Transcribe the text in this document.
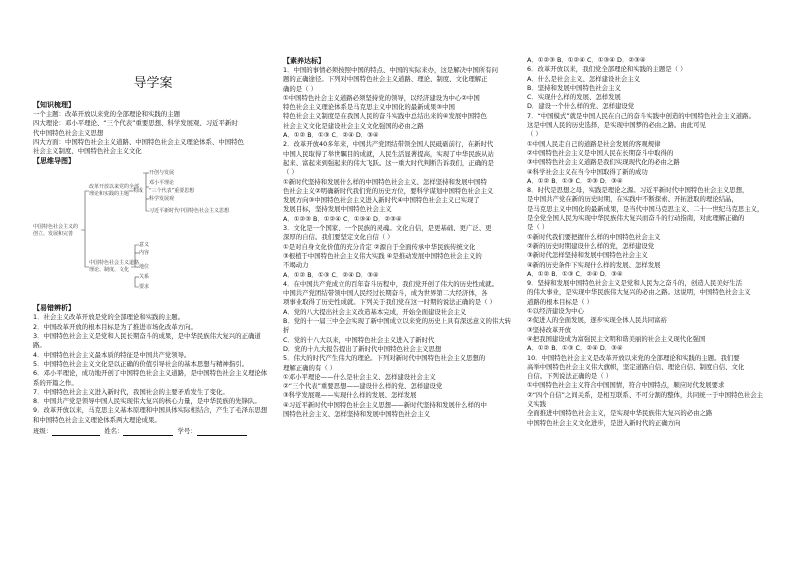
导学案

【知识梳理】

一个主题：改革开放以来党的全部理论和实践的主题

四大理论：邓小平理论、“三个代表”重要思想、科学发展观、习近平新时

代中国特色社会主义思想

四大方面：中国特色社会主义道路、中国特色社会主义理论体系、中国特色

社会主义制度、中国特色社会主义文化

【思维导图】

中国特色社会主义的
创立、发展和完善
改革开放以来党的全部
理论和实践的主题 构成
开创与发展
邓小平理论
“三个代表”重要思想
科学发展观
习近平新时代中国特色社会主义思想
中国特色社会主义道路
理论、制度、文化
意义
内容
地位
关系
要求

【易错辨析】

1．社会主义改革开放是党的全部理论和实践的主题。

2．中国改革开放的根本目标是为了推进市场化改革方向。

3．中国特色社会主义是党和人民长期奋斗的成果，是中华民族伟大复兴的正确道路。

4．中国特色社会主义最本质的特征是中国共产党领导。

5．中国特色社会主义文化是以正确的价值引导社会的基本思想与精神指引。

6．邓小平理论，成功地开创了中国特色社会主义道路，是中国特色社会主义理论体系的开篇之作。

7．中国特色社会主义进入新时代，我国社会的主要矛盾发生了变化。

8．中国共产党是领导中国人民实现伟大复兴的核心力量，是中华民族的先锋队。

9．改革开放以来，马克思主义基本原理和中国具体实际相结合，产生了毛泽东思想和中国特色社会主义理论体系两大理论成果。

班级：	姓名：	学号：

【素养达标】

1．中国的事情必须按照中国的特点、中国的实际来办，这是解决中国所有问

题的正确途径。下列对中国特色社会主义道路、理论、制度、文化理解正

确的是（ ）

①中国特色社会主义道路必须坚持党的领导，以经济建设为中心②中国

特色社会主义理论体系是马克思主义中国化的最新成果③中国

特色社会主义制度是在我国人民的奋斗实践中总结出来的④发展中国特色

社会主义文化是建设社会主义文化强国的必由之路

A．①② B．①③ C．②④ D．③④

2．改革开放40多年来，中国共产党团结带领全国人民砥砺前行，在新时代

中国人民取得了举世瞩目的成就，人民生活显著提高，实现了中华民族从站

起来、富起来到强起来的伟大飞跃。这一重大时代判断告诉我们，正确的是

（ ）

①新时代坚持和发展什么样的中国特色社会主义、怎样坚持和发展中国特

色社会主义②明确新时代我们党的历史方位，要科学谋划中国特色社会主义

发展方向③中国特色社会主义进入新时代④中国特色社会主义已实现了

发展目标，坚持发展中国特色社会主义

A．①②③ B．①②④ C．①③④ D．②③④

3．文化是一个国家、一个民族的灵魂。文化自信，是更基础、更广泛、更

深厚的自信。我们要坚定文化自信（ ）

①是对自身文化价值的充分肯定 ②源自于全面传承中华民族传统文化

③根植于中国特色社会主义伟大实践 ④是推动发展中国特色社会主义的

不竭动力

A．①② B．①③ C．②④ D．③④

4．在中国共产党成立的百年奋斗历程中，我们党开创了伟大的历史性成就。

中国共产党团结带领中国人民经过长期奋斗，成为世界第二大经济体，各

项事业取得了历史性成就。下列关于我们党在这一时期的说法正确的是（ ）

A．党的八大提出社会主义改造基本完成，开始全面建设社会主义

B．党的十一届三中全会实现了新中国成立以来党的历史上具有深远意义的伟大转折

C．党的十八大以来，中国特色社会主义进入了新时代

D．党的十九大报告提出了新时代中国特色社会主义思想

5．伟大的时代产生伟大的理论。下列对新时代中国特色社会主义思想的

理解正确的有（ ）

①邓小平理论——什么是社会主义、怎样建设社会主义

②“三个代表”重要思想——建设什么样的党、怎样建设党

③科学发展观——实现什么样的发展、怎样发展

④习近平新时代中国特色社会主义思想——新时代坚持和发展什么样的中

国特色社会主义、怎样坚持和发展中国特色社会主义

A．①②③ B．①②④ C．①③④ D．②③④

6．改革开放以来，我们党全部理论和实践的主题是（ ）

A．什么是社会主义、怎样建设社会主义

B．坚持和发展中国特色社会主义

C．实现什么样的发展、怎样发展

D．建设一个什么样的党、怎样建设党

7．“中国模式”就是中国人民在自己的奋斗实践中创造的中国特色社会主义道路。

这是中国人民的历史选择，是实现中国梦的必由之路。由此可见

（ ）

①中国人民走自己的道路是社会发展的客观规律

②中国特色社会主义是中国人民在长期奋斗中取得的

③中国特色社会主义道路是我们实现现代化的必由之路

④科学社会主义在当今中国取得了新的成功

A．①② B．①③ C．②③ D．③④

8．时代是思想之母，实践是理论之源。习近平新时代中国特色社会主义思想，

是中国共产党在新的历史时期，在实践中不断探索、开拓进取的理论结晶，

是马克思主义中国化的最新成果，是当代中国马克思主义、二十一世纪马克思主义，

是全党全国人民为实现中华民族伟大复兴而奋斗的行动指南，对此理解正确的

是（ ）

①新时代我们要把握什么样的中国特色社会主义

②新的历史时期建设什么样的党，怎样建设党

③新时代怎样坚持和发展中国特色社会主义

④新的历史条件下实现什么样的发展、怎样发展

A．①② B．①③ C．②④ D．③④

9．坚持和发展中国特色社会主义是党和人民为之奋斗的，创造人民美好生活

的伟大事业，是实现中华民族伟大复兴的必由之路。这说明，中国特色社会主义

道路的根本目标是（ ）

①以经济建设为中心

②促进人的全面发展，逐步实现全体人民共同富裕

③坚持改革开放

④把我国建设成为富强民主文明和谐美丽的社会主义现代化强国

A．①② B．①③ C．②④ D．③④

10．中国特色社会主义是改革开放以来党的全部理论和实践的主题。我们要

高举中国特色社会主义伟大旗帜，坚定道路自信、理论自信、制度自信、文化

自信。下列说法正确的是（ ）

①中国特色社会主义符合中国国情，符合中国特点，顺应时代发展要求

②“四个自信”之间关系，是相互联系、不可分割的整体，共同统一于中国特色社会主义实践

全面推进中国特色社会主义，是实现中华民族伟大复兴的必由之路

中国特色社会主义文化进步，是进入新时代的正确方向
